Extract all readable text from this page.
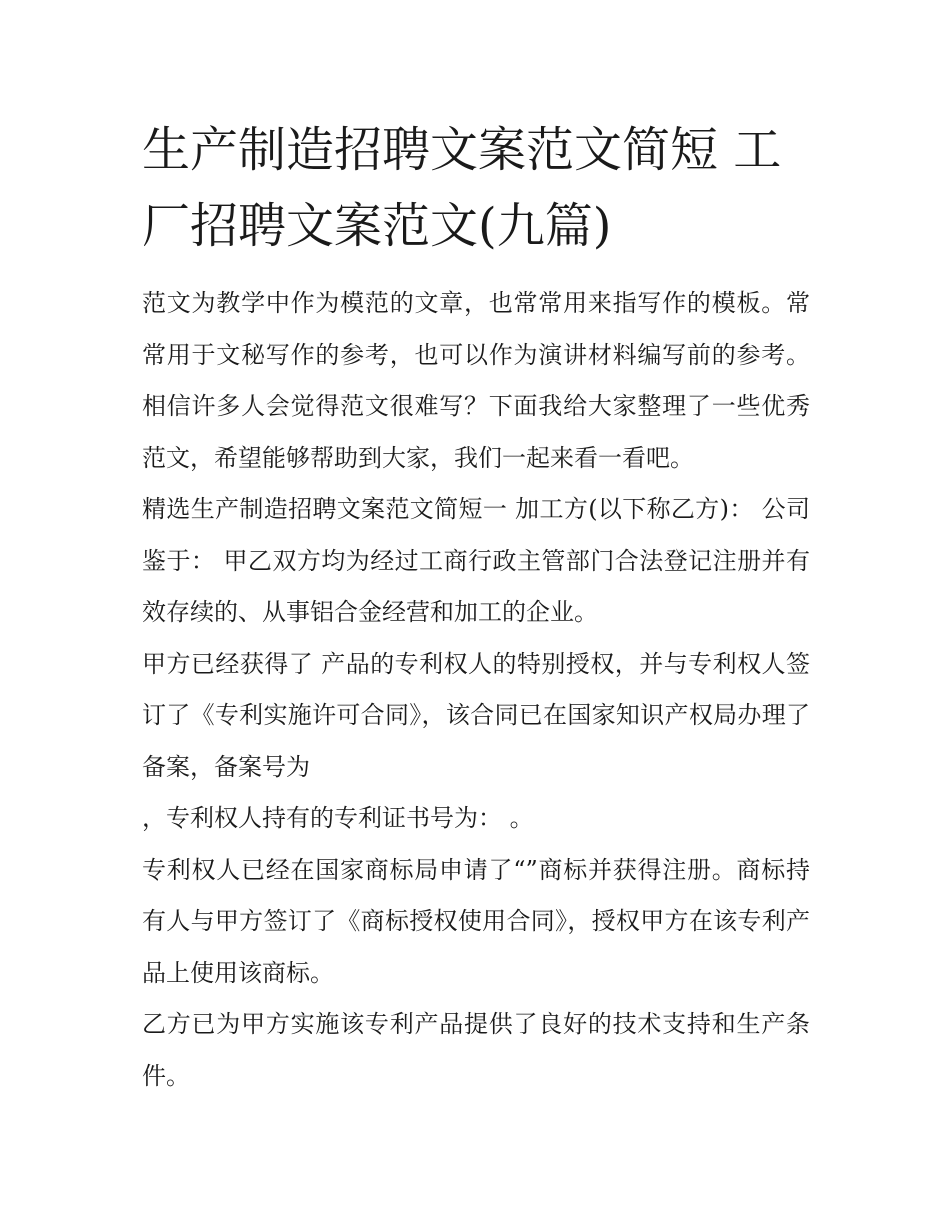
生产制造招聘文案范文简短 工厂招聘文案范文(九篇)

范文为教学中作为模范的文章，也常常用来指写作的模板。常常用于文秘写作的参考，也可以作为演讲材料编写前的参考。相信许多人会觉得范文很难写？下面我给大家整理了一些优秀范文，希望能够帮助到大家，我们一起来看一看吧。

精选生产制造招聘文案范文简短一 加工方(以下称乙方)： 公司 鉴于： 甲乙双方均为经过工商行政主管部门合法登记注册并有效存续的、从事铝合金经营和加工的企业。

甲方已经获得了 产品的专利权人的特别授权，并与专利权人签订了《专利实施许可合同》，该合同已在国家知识产权局办理了备案，备案号为

，专利权人持有的专利证书号为： 。

专利权人已经在国家商标局申请了“”商标并获得注册。商标持有人与甲方签订了《商标授权使用合同》，授权甲方在该专利产品上使用该商标。

乙方已为甲方实施该专利产品提供了良好的技术支持和生产条件。
